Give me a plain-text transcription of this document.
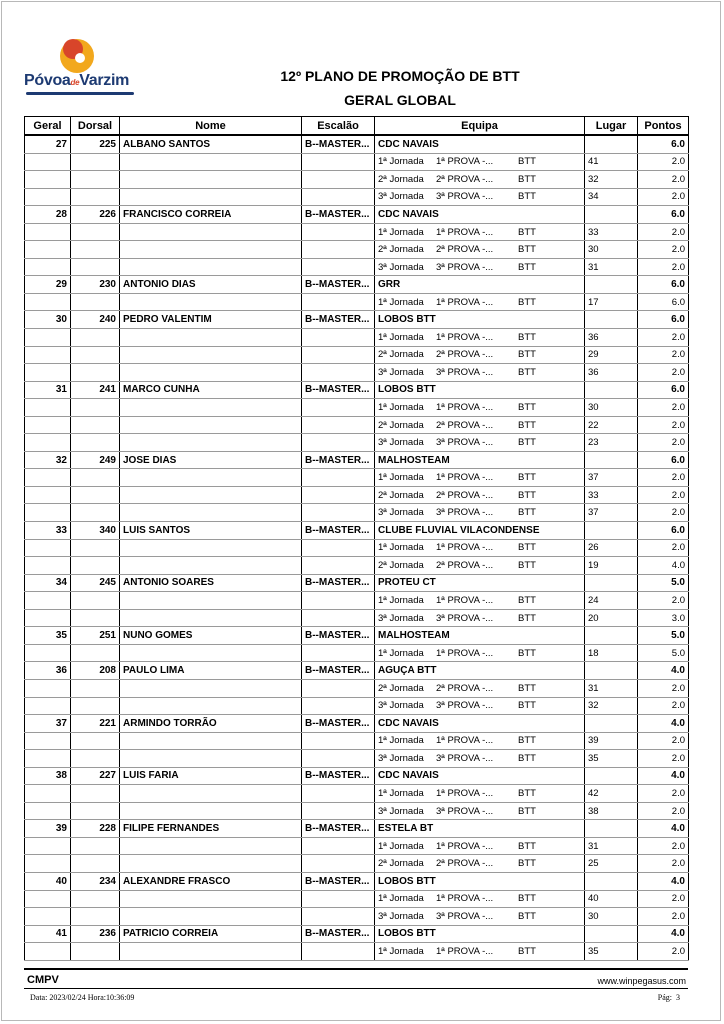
PóvoadeVarzim	12º PLANO DE PROMOÇÃO DE BTT
GERAL GLOBAL
Geral	Dorsal	Nome	Escalão	Equipa	Lugar	Pontos
27	225	ALBANO SANTOS	B--MASTER...	CDC NAVAIS		6.0
				1ª Jornada 1ª PROVA -... BTT	41	2.0
				2ª Jornada 2ª PROVA -... BTT	32	2.0
				3ª Jornada 3ª PROVA -... BTT	34	2.0
28	226	FRANCISCO CORREIA	B--MASTER...	CDC NAVAIS		6.0
				1ª Jornada 1ª PROVA -... BTT	33	2.0
				2ª Jornada 2ª PROVA -... BTT	30	2.0
				3ª Jornada 3ª PROVA -... BTT	31	2.0
29	230	ANTONIO DIAS	B--MASTER...	GRR		6.0
				1ª Jornada 1ª PROVA -... BTT	17	6.0
30	240	PEDRO VALENTIM	B--MASTER...	LOBOS BTT		6.0
				1ª Jornada 1ª PROVA -... BTT	36	2.0
				2ª Jornada 2ª PROVA -... BTT	29	2.0
				3ª Jornada 3ª PROVA -... BTT	36	2.0
31	241	MARCO CUNHA	B--MASTER...	LOBOS BTT		6.0
				1ª Jornada 1ª PROVA -... BTT	30	2.0
				2ª Jornada 2ª PROVA -... BTT	22	2.0
				3ª Jornada 3ª PROVA -... BTT	23	2.0
32	249	JOSE DIAS	B--MASTER...	MALHOSTEAM		6.0
				1ª Jornada 1ª PROVA -... BTT	37	2.0
				2ª Jornada 2ª PROVA -... BTT	33	2.0
				3ª Jornada 3ª PROVA -... BTT	37	2.0
33	340	LUIS SANTOS	B--MASTER...	CLUBE FLUVIAL VILACONDENSE		6.0
				1ª Jornada 1ª PROVA -... BTT	26	2.0
				2ª Jornada 2ª PROVA -... BTT	19	4.0
34	245	ANTONIO SOARES	B--MASTER...	PROTEU CT		5.0
				1ª Jornada 1ª PROVA -... BTT	24	2.0
				3ª Jornada 3ª PROVA -... BTT	20	3.0
35	251	NUNO GOMES	B--MASTER...	MALHOSTEAM		5.0
				1ª Jornada 1ª PROVA -... BTT	18	5.0
36	208	PAULO LIMA	B--MASTER...	AGUÇA BTT		4.0
				2ª Jornada 2ª PROVA -... BTT	31	2.0
				3ª Jornada 3ª PROVA -... BTT	32	2.0
37	221	ARMINDO TORRÃO	B--MASTER...	CDC NAVAIS		4.0
				1ª Jornada 1ª PROVA -... BTT	39	2.0
				3ª Jornada 3ª PROVA -... BTT	35	2.0
38	227	LUIS FARIA	B--MASTER...	CDC NAVAIS		4.0
				1ª Jornada 1ª PROVA -... BTT	42	2.0
				3ª Jornada 3ª PROVA -... BTT	38	2.0
39	228	FILIPE FERNANDES	B--MASTER...	ESTELA BT		4.0
				1ª Jornada 1ª PROVA -... BTT	31	2.0
				2ª Jornada 2ª PROVA -... BTT	25	2.0
40	234	ALEXANDRE FRASCO	B--MASTER...	LOBOS BTT		4.0
				1ª Jornada 1ª PROVA -... BTT	40	2.0
				3ª Jornada 3ª PROVA -... BTT	30	2.0
41	236	PATRICIO CORREIA	B--MASTER...	LOBOS BTT		4.0
				1ª Jornada 1ª PROVA -... BTT	35	2.0
CMPV	www.winpegasus.com
Data: 2023/02/24 Hora:10:36:09	Pág: 3
